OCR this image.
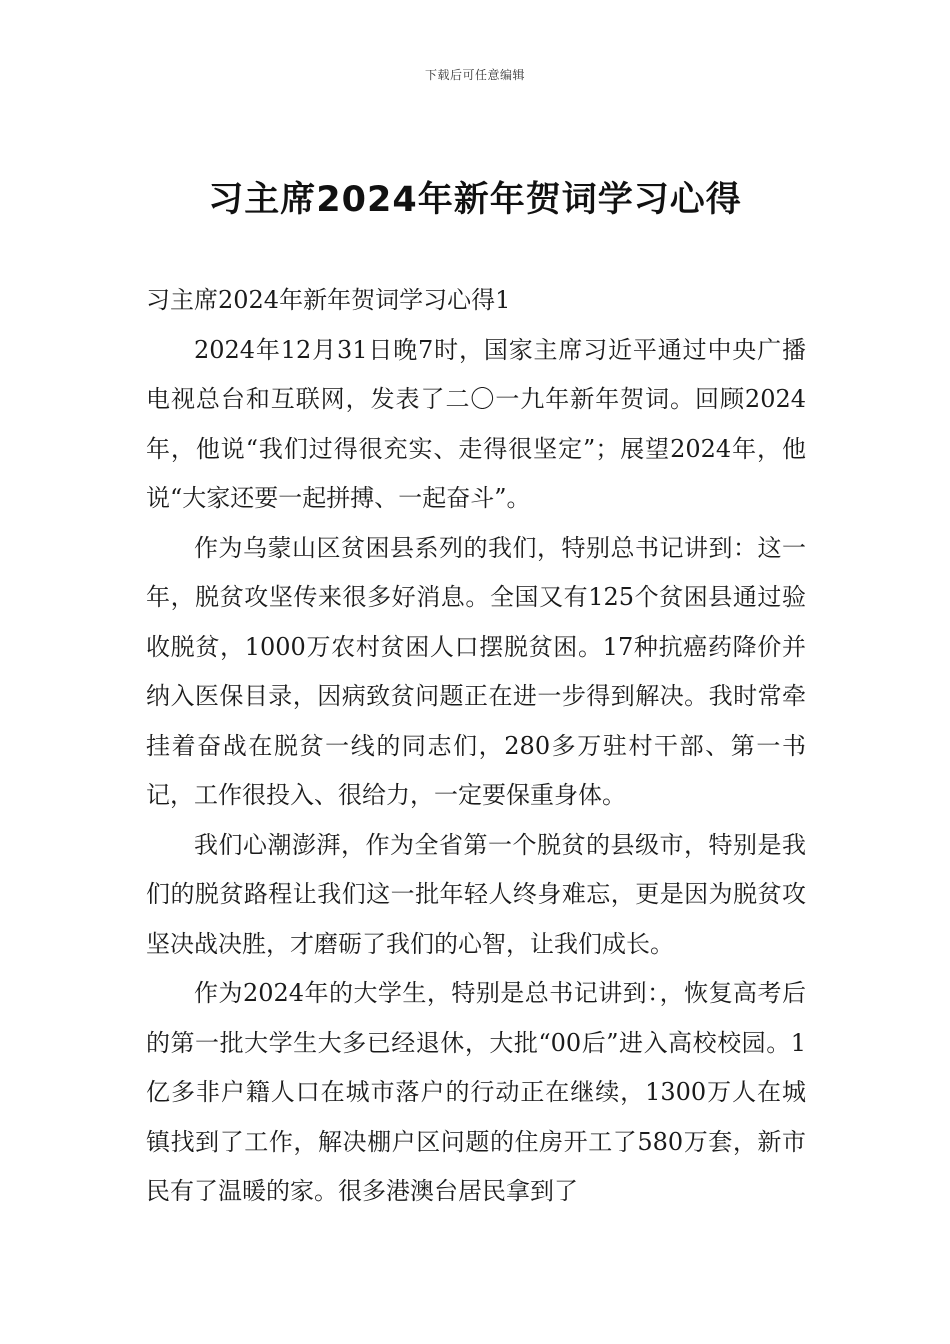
下载后可任意编辑
习主席2024年新年贺词学习心得

习主席2024年新年贺词学习心得1

2024年12月31日晚7时，国家主席习近平通过中央广播电视总台和互联网，发表了二〇一九年新年贺词。回顾2024年，他说“我们过得很充实、走得很坚定”；展望2024年，他说“大家还要一起拼搏、一起奋斗”。

作为乌蒙山区贫困县系列的我们，特别总书记讲到：这一年，脱贫攻坚传来很多好消息。全国又有125个贫困县通过验收脱贫，1000万农村贫困人口摆脱贫困。17种抗癌药降价并纳入医保目录，因病致贫问题正在进一步得到解决。我时常牵挂着奋战在脱贫一线的同志们，280多万驻村干部、第一书记，工作很投入、很给力，一定要保重身体。

我们心潮澎湃，作为全省第一个脱贫的县级市，特别是我们的脱贫路程让我们这一批年轻人终身难忘，更是因为脱贫攻坚决战决胜，才磨砺了我们的心智，让我们成长。

作为2024年的大学生，特别是总书记讲到：，恢复高考后的第一批大学生大多已经退休，大批“00后”进入高校校园。1亿多非户籍人口在城市落户的行动正在继续，1300万人在城镇找到了工作，解决棚户区问题的住房开工了580万套，新市民有了温暖的家。很多港澳台居民拿到了
